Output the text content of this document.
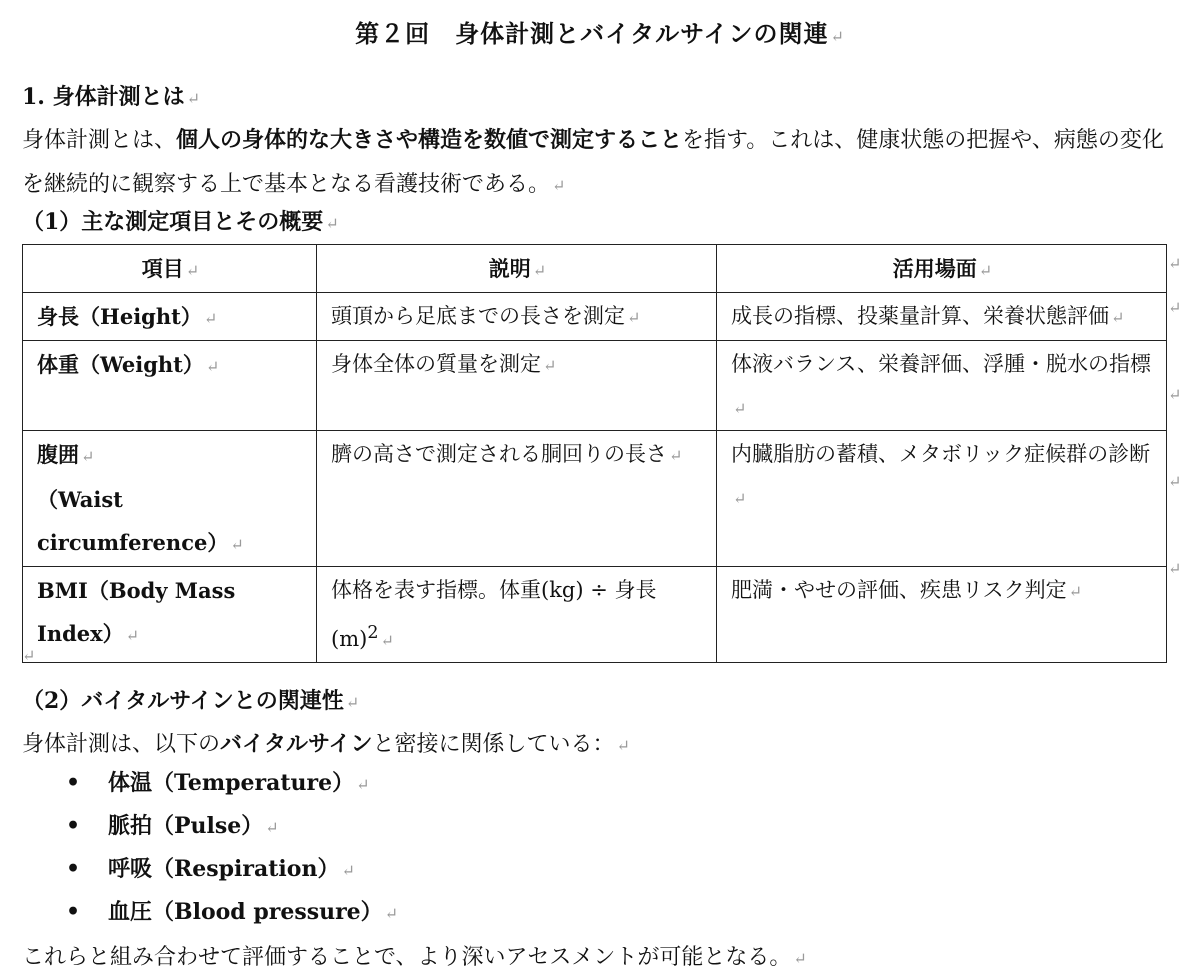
第２回　身体計測とバイタルサインの関連 ↵
1. 身体計測とは ↵
身体計測とは、個人の身体的な大きさや構造を数値で測定することを指す。これは、健康状態の把握や、病態の変化を継続的に観察する上で基本となる看護技術である。 ↵
（1）主な測定項目とその概要 ↵
項目 ↵	説明 ↵	活用場面 ↵
身長（Height） ↵	頭頂から足底までの長さを測定 ↵	成長の指標、投薬量計算、栄養状態評価 ↵
体重（Weight） ↵	身体全体の質量を測定 ↵	体液バランス、栄養評価、浮腫・脱水の指標↵
腹囲 ↵
（Waist circumference） ↵	臍の高さで測定される胴回りの長さ ↵	内臓脂肪の蓄積、メタボリック症候群の診断↵
BMI（Body Mass Index） ↵	体格を表す指標。体重(kg) ÷ 身長$(m)^2$ ↵	肥満・やせの評価、疾患リスク判定 ↵
↵
↵
↵
↵
↵
↵
（2）バイタルサインとの関連性 ↵
身体計測は、以下のバイタルサインと密接に関係している： ↵
• 体温（Temperature） ↵
• 脈拍（Pulse） ↵
• 呼吸（Respiration） ↵
• 血圧（Blood pressure） ↵
これらと組み合わせて評価することで、より深いアセスメントが可能となる。 ↵
